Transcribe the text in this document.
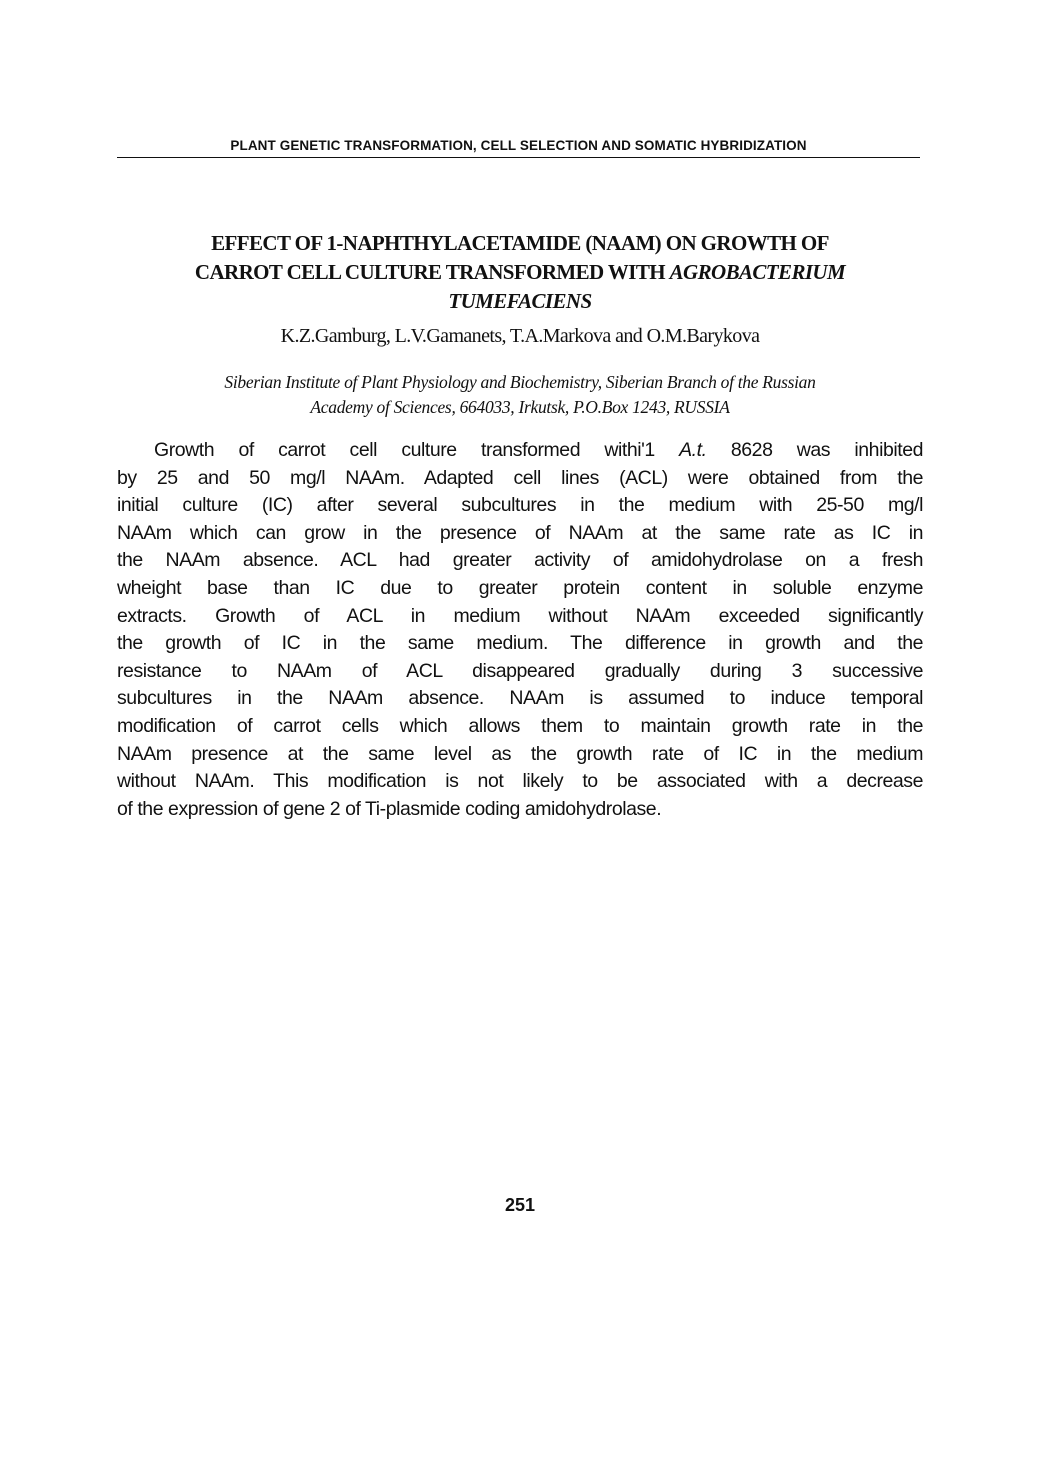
PLANT GENETIC TRANSFORMATION, CELL SELECTION AND SOMATIC HYBRIDIZATION
EFFECT OF 1-NAPHTHYLACETAMIDE (NAAM) ON GROWTH OF
CARROT CELL CULTURE TRANSFORMED WITH AGROBACTERIUM
TUMEFACIENS
K.Z.Gamburg, L.V.Gamanets, T.A.Markova and O.M.Barykova
Siberian Institute of Plant Physiology and Biochemistry, Siberian Branch of the Russian
Academy of Sciences, 664033, Irkutsk, P.O.Box 1243, RUSSIA
Growth of carrot cell culture transformed withi'1 A.t. 8628 was inhibited
by 25 and 50 mg/l NAAm. Adapted cell lines (ACL) were obtained from the
initial culture (IC) after several subcultures in the medium with 25-50 mg/l
NAAm which can grow in the presence of NAAm at the same rate as IC in
the NAAm absence. ACL had greater activity of amidohydrolase on a fresh
wheight base than IC due to greater protein content in soluble enzyme
extracts. Growth of ACL in medium without NAAm exceeded significantly
the growth of IC in the same medium. The difference in growth and the
resistance to NAAm of ACL disappeared gradually during 3 successive
subcultures in the NAAm absence. NAAm is assumed to induce temporal
modification of carrot cells which allows them to maintain growth rate in the
NAAm presence at the same level as the growth rate of IC in the medium
without NAAm. This modification is not likely to be associated with a decrease
of the expression of gene 2 of Ti-plasmide coding amidohydrolase.
251
